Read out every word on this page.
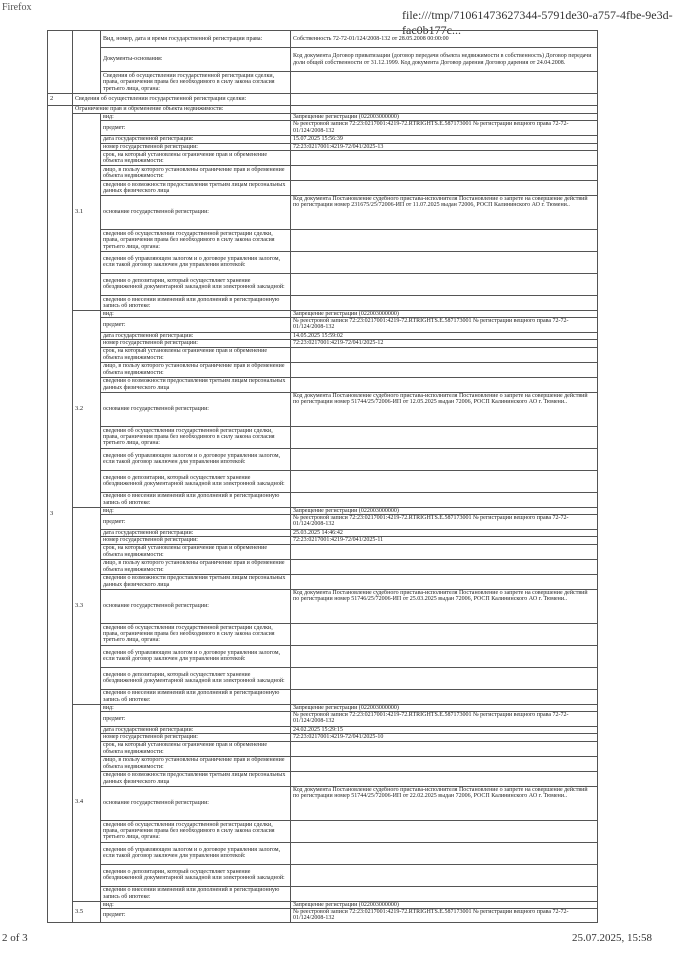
Firefox
file:///tmp/71061473627344-5791de30-a757-4fbe-9e3d-fac0b177c...
		Вид, номер, дата и время государственной регистрации права:	Собственность 72-72-01/124/2008-132 от 28.05.2008 00:00:00
		Документы-основания:	Код документа Договор приватизации (договор передачи объекта недвижимости в собственность) Договор передачи доли общей собственности от 31.12.1999. Код документа Договор дарения Договор дарения от 24.04.2008.
		Сведения об осуществлении государственной регистрации сделки, права, ограничения права без необходимого в силу закона согласия третьего лица, органа:	
2	Сведения об осуществлении государственной регистрации сделки:		
3	Ограничение прав и обременение объекта недвижимости:		
	3.1	вид:	Запрещение регистрации (022003000000)
		предмет:	№ реестровой записи 72:23:0217001:4219-72.RTRIGHTS.E.587173001 № регистрации вещного права 72-72-01/124/2008-132
		дата государственной регистрации:	15.07.2025 15:56:39
		номер государственной регистрации:	72:23:0217001:4219-72/041/2025-13
		срок, на который установлены ограничение прав и обременение объекта недвижимости:	
		лицо, в пользу которого установлены ограничение прав и обременение объекта недвижимости:	
		сведения о возможности предоставления третьим лицам персональных данных физического лица	
		основание государственной регистрации:	Код документа Постановление судебного пристава-исполнителя Постановление о запрете на совершение действий по регистрации номер 231675/25/72006-ИП от 11.07.2025 выдан 72006, РОСП Калининского АО г. Тюмени..
		сведения об осуществлении государственной регистрации сделки, права, ограничения права без необходимого в силу закона согласия третьего лица, органа:	
		сведения об управляющем залогом и о договоре управления залогом, если такой договор заключен для управления ипотекой:	
		сведения о депозитарии, который осуществляет хранение обездвиженной документарной закладной или электронной закладной:	
		сведения о внесении изменений или дополнений в регистрационную запись об ипотеке:	
	3.2	вид:	Запрещение регистрации (022003000000)
		предмет:	№ реестровой записи 72:23:0217001:4219-72.RTRIGHTS.E.587173001 № регистрации вещного права 72-72-01/124/2008-132
		дата государственной регистрации:	14.05.2025 15:59:02
		номер государственной регистрации:	72:23:0217001:4219-72/041/2025-12
		срок, на который установлены ограничение прав и обременение объекта недвижимости:	
		лицо, в пользу которого установлены ограничение прав и обременение объекта недвижимости:	
		сведения о возможности предоставления третьим лицам персональных данных физического лица	
		основание государственной регистрации:	Код документа Постановление судебного пристава-исполнителя Постановление о запрете на совершение действий по регистрации номер 51744/25/72006-ИП от 12.05.2025 выдан 72006, РОСП Калининского АО г. Тюмени..
		сведения об осуществлении государственной регистрации сделки, права, ограничения права без необходимого в силу закона согласия третьего лица, органа:	
		сведения об управляющем залогом и о договоре управления залогом, если такой договор заключен для управления ипотекой:	
		сведения о депозитарии, который осуществляет хранение обездвиженной документарной закладной или электронной закладной:	
		сведения о внесении изменений или дополнений в регистрационную запись об ипотеке:	
	3.3	вид:	Запрещение регистрации (022003000000)
		предмет:	№ реестровой записи 72:23:0217001:4219-72.RTRIGHTS.E.587173001 № регистрации вещного права 72-72-01/124/2008-132
		дата государственной регистрации:	25.03.2025 14:46:42
		номер государственной регистрации:	72:23:0217001:4219-72/041/2025-11
		срок, на который установлены ограничение прав и обременение объекта недвижимости:	
		лицо, в пользу которого установлены ограничение прав и обременение объекта недвижимости:	
		сведения о возможности предоставления третьим лицам персональных данных физического лица	
		основание государственной регистрации:	Код документа Постановление судебного пристава-исполнителя Постановление о запрете на совершение действий по регистрации номер 51746/25/72006-ИП от 25.03.2025 выдан 72006, РОСП Калининского АО г. Тюмени..
		сведения об осуществлении государственной регистрации сделки, права, ограничения права без необходимого в силу закона согласия третьего лица, органа:	
		сведения об управляющем залогом и о договоре управления залогом, если такой договор заключен для управления ипотекой:	
		сведения о депозитарии, который осуществляет хранение обездвиженной документарной закладной или электронной закладной:	
		сведения о внесении изменений или дополнений в регистрационную запись об ипотеке:	
	3.4	вид:	Запрещение регистрации (022003000000)
		предмет:	№ реестровой записи 72:23:0217001:4219-72.RTRIGHTS.E.587173001 № регистрации вещного права 72-72-01/124/2008-132
		дата государственной регистрации:	24.02.2025 15:29:15
		номер государственной регистрации:	72:23:0217001:4219-72/041/2025-10
		срок, на который установлены ограничение прав и обременение объекта недвижимости:	
		лицо, в пользу которого установлены ограничение прав и обременение объекта недвижимости:	
		сведения о возможности предоставления третьим лицам персональных данных физического лица	
		основание государственной регистрации:	Код документа Постановление судебного пристава-исполнителя Постановление о запрете на совершение действий по регистрации номер 51744/25/72006-ИП от 22.02.2025 выдан 72006, РОСП Калининского АО г. Тюмени..
		сведения об осуществлении государственной регистрации сделки, права, ограничения права без необходимого в силу закона согласия третьего лица, органа:	
		сведения об управляющем залогом и о договоре управления залогом, если такой договор заключен для управления ипотекой:	
		сведения о депозитарии, который осуществляет хранение обездвиженной документарной закладной или электронной закладной:	
		сведения о внесении изменений или дополнений в регистрационную запись об ипотеке:	
	3.5	вид:	Запрещение регистрации (022003000000)
		предмет:	№ реестровой записи 72:23:0217001:4219-72.RTRIGHTS.E.587173001 № регистрации вещного права 72-72-01/124/2008-132
2 of 3	25.07.2025, 15:58
